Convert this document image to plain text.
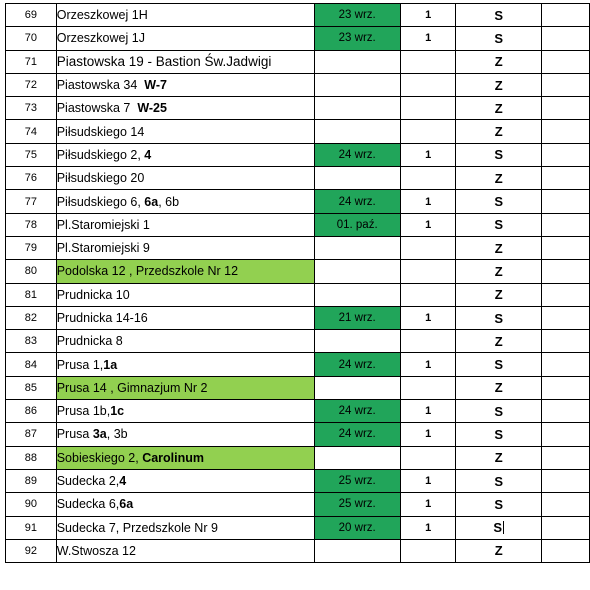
69	Orzeszkowej 1H	23 wrz.	1	S	
70	Orzeszkowej 1J	23 wrz.	1	S	
71	Piastowska 19 - Bastion Św.Jadwigi			Z	
72	Piastowska 34  W-7			Z	
73	Piastowska 7  W-25			Z	
74	Piłsudskiego 14			Z	
75	Piłsudskiego 2, 4	24 wrz.	1	S	
76	Piłsudskiego 20			Z	
77	Piłsudskiego 6, 6a, 6b	24 wrz.	1	S	
78	Pl.Staromiejski 1	01. paź.	1	S	
79	Pl.Staromiejski 9			Z	
80	Podolska 12 , Przedszkole Nr 12			Z	
81	Prudnicka 10			Z	
82	Prudnicka 14-16	21 wrz.	1	S	
83	Prudnicka 8			Z	
84	Prusa 1,1a	24 wrz.	1	S	
85	Prusa 14 , Gimnazjum Nr 2			Z	
86	Prusa 1b,1c	24 wrz.	1	S	
87	Prusa 3a, 3b	24 wrz.	1	S	
88	Sobieskiego 2, Carolinum			Z	
89	Sudecka 2,4	25 wrz.	1	S	
90	Sudecka 6,6a	25 wrz.	1	S	
91	Sudecka 7, Przedszkole Nr 9	20 wrz.	1	S	
92	W.Stwosza 12			Z	
